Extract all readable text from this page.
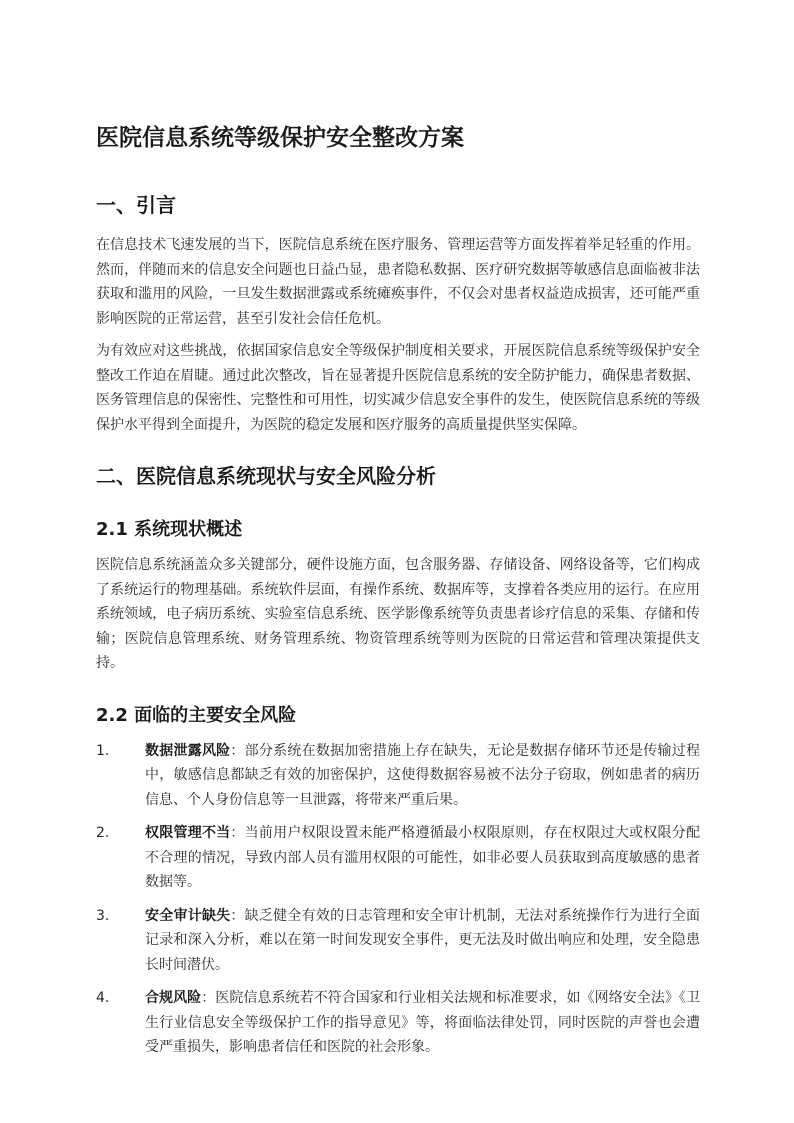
医院信息系统等级保护安全整改方案
一、引言

在信息技术飞速发展的当下，医院信息系统在医疗服务、管理运营等方面发挥着举足轻重的作用。然而，伴随而来的信息安全问题也日益凸显，患者隐私数据、医疗研究数据等敏感信息面临被非法获取和滥用的风险，一旦发生数据泄露或系统瘫痪事件，不仅会对患者权益造成损害，还可能严重影响医院的正常运营，甚至引发社会信任危机。

为有效应对这些挑战，依据国家信息安全等级保护制度相关要求，开展医院信息系统等级保护安全整改工作迫在眉睫。通过此次整改，旨在显著提升医院信息系统的安全防护能力，确保患者数据、医务管理信息的保密性、完整性和可用性，切实减少信息安全事件的发生，使医院信息系统的等级保护水平得到全面提升，为医院的稳定发展和医疗服务的高质量提供坚实保障。

二、医院信息系统现状与安全风险分析
2.1 系统现状概述

医院信息系统涵盖众多关键部分，硬件设施方面，包含服务器、存储设备、网络设备等，它们构成了系统运行的物理基础。系统软件层面，有操作系统、数据库等，支撑着各类应用的运行。在应用系统领域，电子病历系统、实验室信息系统、医学影像系统等负责患者诊疗信息的采集、存储和传输；医院信息管理系统、财务管理系统、物资管理系统等则为医院的日常运营和管理决策提供支持。

2.2 面临的主要安全风险
1.	数据泄露风险：部分系统在数据加密措施上存在缺失，无论是数据存储环节还是传输过程中，敏感信息都缺乏有效的加密保护，这使得数据容易被不法分子窃取，例如患者的病历信息、个人身份信息等一旦泄露，将带来严重后果。
2.	权限管理不当：当前用户权限设置未能严格遵循最小权限原则，存在权限过大或权限分配不合理的情况，导致内部人员有滥用权限的可能性，如非必要人员获取到高度敏感的患者数据等。
3.	安全审计缺失：缺乏健全有效的日志管理和安全审计机制，无法对系统操作行为进行全面记录和深入分析，难以在第一时间发现安全事件，更无法及时做出响应和处理，安全隐患长时间潜伏。
4.	合规风险：医院信息系统若不符合国家和行业相关法规和标准要求，如《网络安全法》《卫生行业信息安全等级保护工作的指导意见》等，将面临法律处罚，同时医院的声誉也会遭受严重损失，影响患者信任和医院的社会形象。
